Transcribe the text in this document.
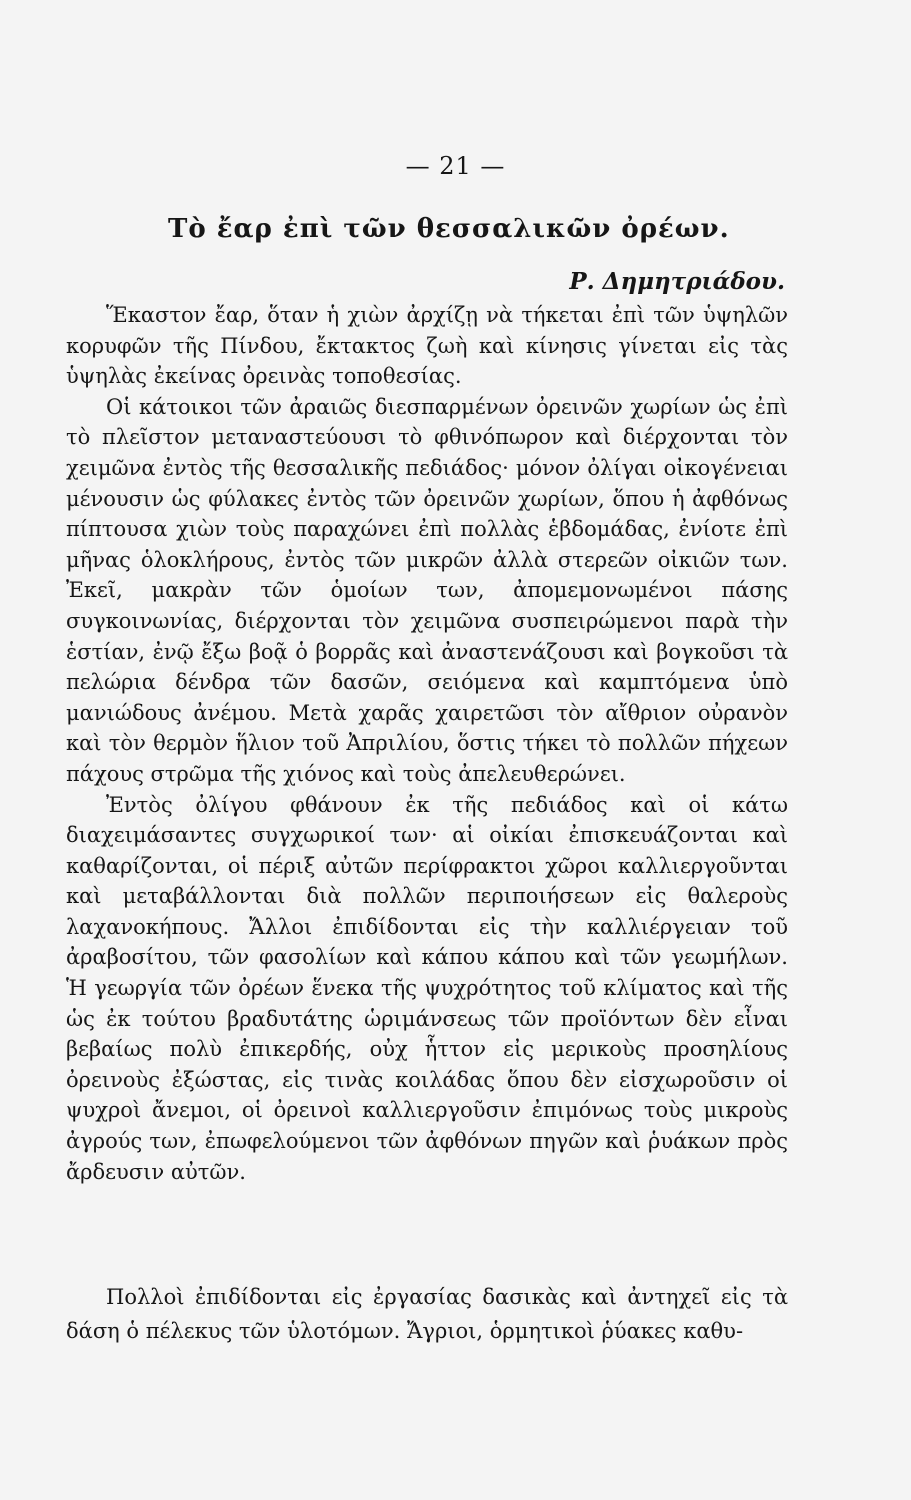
— 21 —
Τὸ ἔαρ ἐπὶ τῶν θεσσαλικῶν ὀρέων.
Ρ. Δημητριάδου.

Ἕκαστον ἔαρ, ὅταν ἡ χιὼν ἀρχίζῃ νὰ τήκεται ἐπὶ τῶν ὑψηλῶν κορυφῶν τῆς Πίνδου, ἔκτακτος ζωὴ καὶ κίνησις γίνεται εἰς τὰς ὑψηλὰς ἐκείνας ὀρεινὰς τοποθεσίας.

Οἱ κάτοικοι τῶν ἀραιῶς διεσπαρμένων ὀρεινῶν χωρίων ὡς ἐπὶ τὸ πλεῖστον μεταναστεύουσι τὸ φθινόπωρον καὶ διέρχονται τὸν χειμῶνα ἐντὸς τῆς θεσσαλικῆς πεδιάδος· μόνον ὀλίγαι οἰκογένειαι μένουσιν ὡς φύλακες ἐντὸς τῶν ὀρεινῶν χωρίων, ὅπου ἡ ἀφθόνως πίπτουσα χιὼν τοὺς παραχώνει ἐπὶ πολλὰς ἑβδομάδας, ἐνίοτε ἐπὶ μῆνας ὁλοκλήρους, ἐντὸς τῶν μικρῶν ἀλλὰ στερεῶν οἰκιῶν των. Ἐκεῖ, μακρὰν τῶν ὁμοίων των, ἀπομεμονωμένοι πάσης συγκοινωνίας, διέρχονται τὸν χειμῶνα συσπειρώμενοι παρὰ τὴν ἑστίαν, ἐνῷ ἔξω βοᾷ ὁ βορρᾶς καὶ ἀναστενάζουσι καὶ βογκοῦσι τὰ πελώρια δένδρα τῶν δασῶν, σειόμενα καὶ καμπτόμενα ὑπὸ μανιώδους ἀνέμου. Μετὰ χαρᾶς χαιρετῶσι τὸν αἴθριον οὐρανὸν καὶ τὸν θερμὸν ἥλιον τοῦ Ἀπριλίου, ὅστις τήκει τὸ πολλῶν πήχεων πάχους στρῶμα τῆς χιόνος καὶ τοὺς ἀπελευθερώνει.

Ἐντὸς ὀλίγου φθάνουν ἐκ τῆς πεδιάδος καὶ οἱ κάτω διαχειμάσαντες συγχωρικοί των· αἱ οἰκίαι ἐπισκευάζονται καὶ καθαρίζονται, οἱ πέριξ αὐτῶν περίφρακτοι χῶροι καλλιεργοῦνται καὶ μεταβάλλονται διὰ πολλῶν περιποιήσεων εἰς θαλεροὺς λαχανοκήπους. Ἄλλοι ἐπιδίδονται εἰς τὴν καλλιέργειαν τοῦ ἀραβοσίτου, τῶν φασολίων καὶ κάπου κάπου καὶ τῶν γεωμήλων. Ἡ γεωργία τῶν ὀρέων ἕνεκα τῆς ψυχρότητος τοῦ κλίματος καὶ τῆς ὡς ἐκ τούτου βραδυτάτης ὡριμάνσεως τῶν προϊόντων δὲν εἶναι βεβαίως πολὺ ἐπικερδής, οὐχ ἧττον εἰς μερικοὺς προσηλίους ὀρεινοὺς ἐξώστας, εἰς τινὰς κοιλάδας ὅπου δὲν εἰσχωροῦσιν οἱ ψυχροὶ ἄνεμοι, οἱ ὀρεινοὶ καλλιεργοῦσιν ἐπιμόνως τοὺς μικροὺς ἀγρούς των, ἐπωφελούμενοι τῶν ἀφθόνων πηγῶν καὶ ῥυάκων πρὸς ἄρδευσιν αὐτῶν.

Πολλοὶ ἐπιδίδονται εἰς ἐργασίας δασικὰς καὶ ἀντηχεῖ εἰς τὰ δάση ὁ πέλεκυς τῶν ὑλοτόμων. Ἄγριοι, ὁρμητικοὶ ῥύακες καθυ-
